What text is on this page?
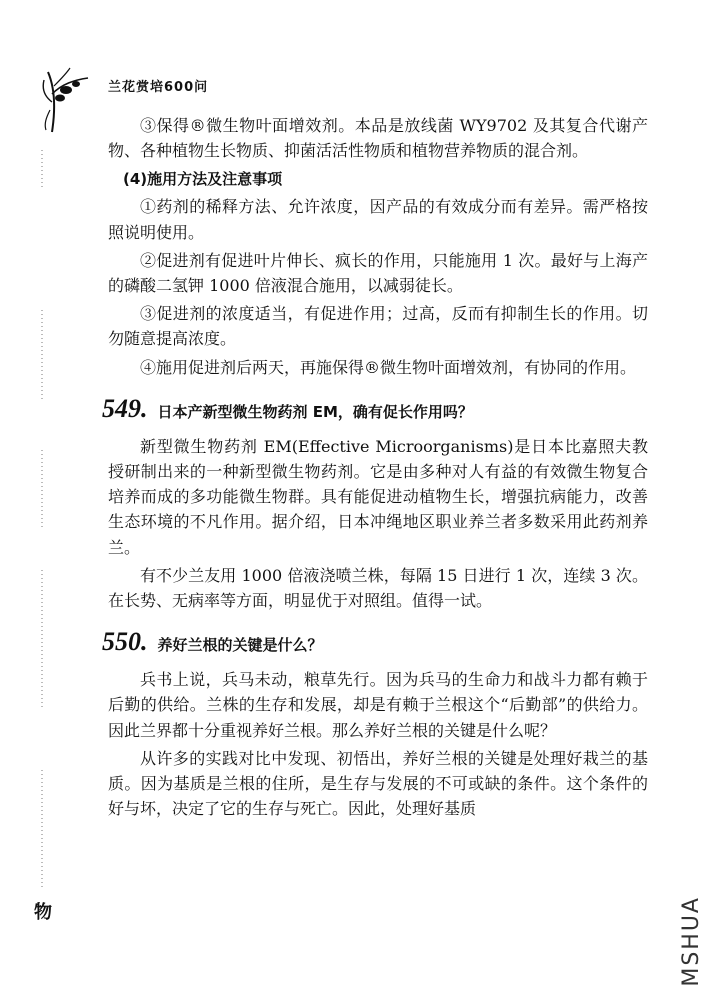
兰花赏培600问
物

③保得®微生物叶面增效剂。本品是放线菌 WY9702 及其复合代谢产物、各种植物生长物质、抑菌活活性物质和植物营养物质的混合剂。

(4)施用方法及注意事项

①药剂的稀释方法、允许浓度，因产品的有效成分而有差异。需严格按照说明使用。

②促进剂有促进叶片伸长、疯长的作用，只能施用 1 次。最好与上海产的磷酸二氢钾 1000 倍液混合施用，以减弱徒长。

③促进剂的浓度适当，有促进作用；过高，反而有抑制生长的作用。切勿随意提高浓度。

④施用促进剂后两天，再施保得®微生物叶面增效剂，有协同的作用。

549. 日本产新型微生物药剂 EM，确有促长作用吗？

新型微生物药剂 EM(Effective Microorganisms)是日本比嘉照夫教授研制出来的一种新型微生物药剂。它是由多种对人有益的有效微生物复合培养而成的多功能微生物群。具有能促进动植物生长，增强抗病能力，改善生态环境的不凡作用。据介绍，日本冲绳地区职业养兰者多数采用此药剂养兰。

有不少兰友用 1000 倍液浇喷兰株，每隔 15 日进行 1 次，连续 3 次。在长势、无病率等方面，明显优于对照组。值得一试。

550. 养好兰根的关键是什么？

兵书上说，兵马未动，粮草先行。因为兵马的生命力和战斗力都有赖于后勤的供给。兰株的生存和发展，却是有赖于兰根这个“后勤部”的供给力。因此兰界都十分重视养好兰根。那么养好兰根的关键是什么呢？

从许多的实践对比中发现、初悟出，养好兰根的关键是处理好栽兰的基质。因为基质是兰根的住所，是生存与发展的不可或缺的条件。这个条件的好与坏，决定了它的生存与死亡。因此，处理好基质

MSHUA
